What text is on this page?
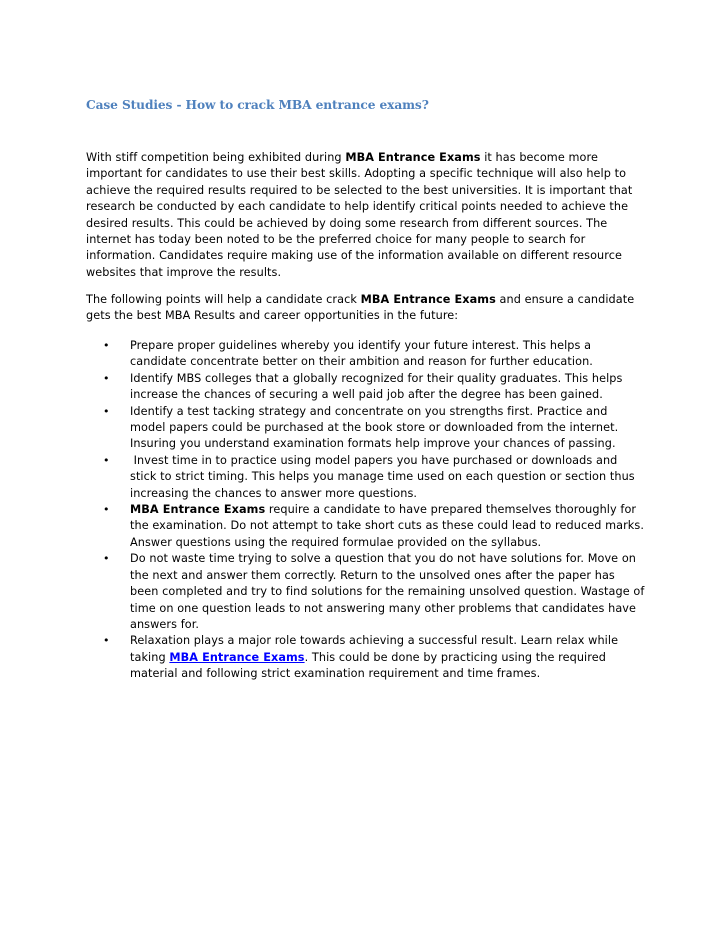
Case Studies - How to crack MBA entrance exams?

With stiff competition being exhibited during MBA Entrance Exams it has become more important for candidates to use their best skills. Adopting a specific technique will also help to achieve the required results required to be selected to the best universities. It is important that research be conducted by each candidate to help identify critical points needed to achieve the desired results. This could be achieved by doing some research from different sources. The internet has today been noted to be the preferred choice for many people to search for information. Candidates require making use of the information available on different resource websites that improve the results.

The following points will help a candidate crack MBA Entrance Exams and ensure a candidate gets the best MBA Results and career opportunities in the future:

• Prepare proper guidelines whereby you identify your future interest. This helps a candidate concentrate better on their ambition and reason for further education.
• Identify MBS colleges that a globally recognized for their quality graduates. This helps increase the chances of securing a well paid job after the degree has been gained.
• Identify a test tacking strategy and concentrate on you strengths first. Practice and model papers could be purchased at the book store or downloaded from the internet. Insuring you understand examination formats help improve your chances of passing.
• Invest time in to practice using model papers you have purchased or downloads and stick to strict timing. This helps you manage time used on each question or section thus increasing the chances to answer more questions.
• MBA Entrance Exams require a candidate to have prepared themselves thoroughly for the examination. Do not attempt to take short cuts as these could lead to reduced marks. Answer questions using the required formulae provided on the syllabus.
• Do not waste time trying to solve a question that you do not have solutions for. Move on the next and answer them correctly. Return to the unsolved ones after the paper has been completed and try to find solutions for the remaining unsolved question. Wastage of time on one question leads to not answering many other problems that candidates have answers for.
• Relaxation plays a major role towards achieving a successful result. Learn relax while taking MBA Entrance Exams. This could be done by practicing using the required material and following strict examination requirement and time frames.
